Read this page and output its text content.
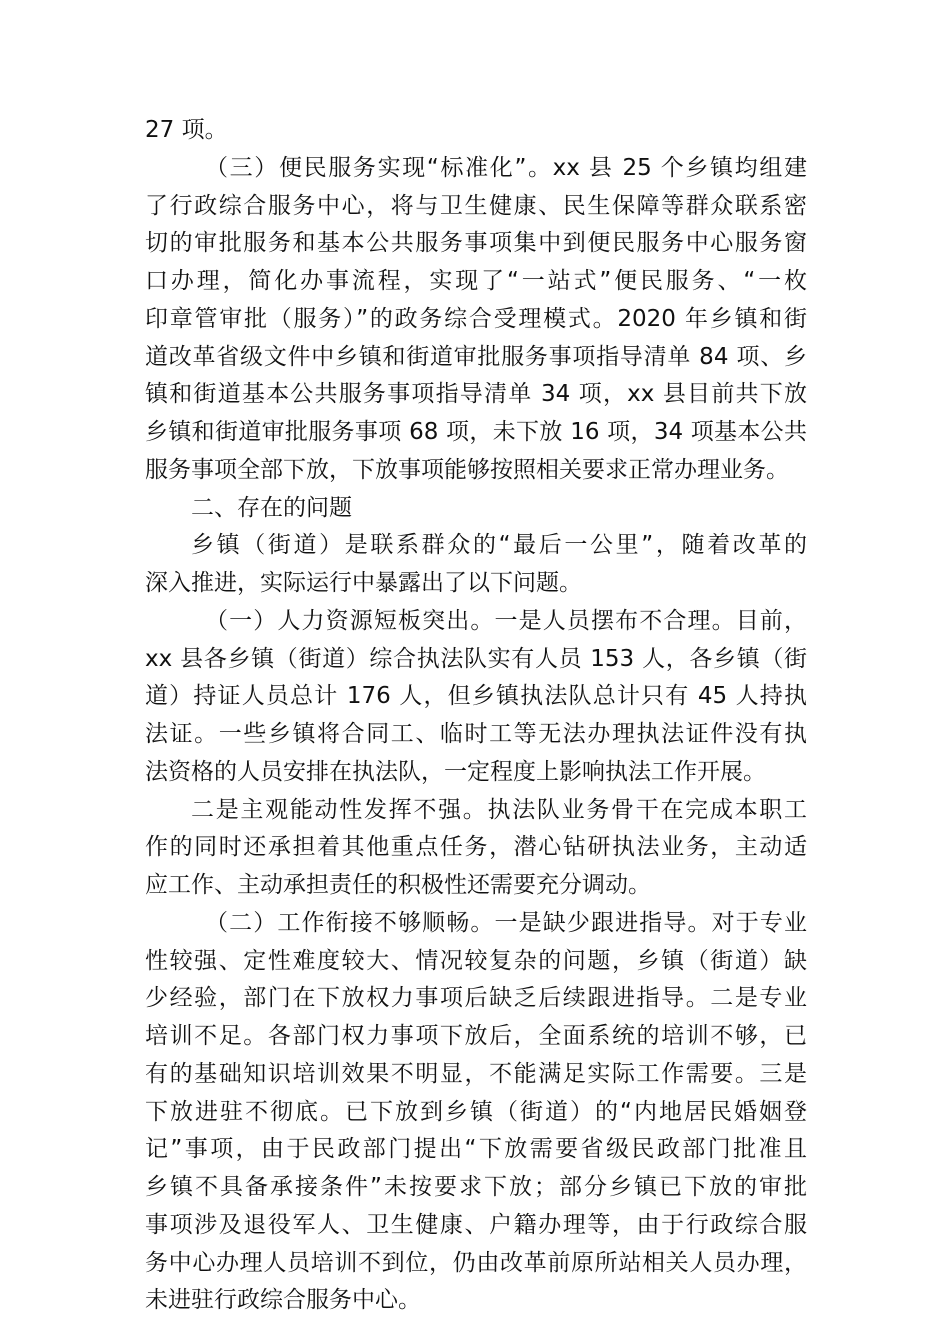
27 项。
（三）便民服务实现“标准化”。xx 县 25 个乡镇均组建
了行政综合服务中心，将与卫生健康、民生保障等群众联系密
切的审批服务和基本公共服务事项集中到便民服务中心服务窗
口办理，简化办事流程，实现了“一站式”便民服务、“一枚
印章管审批（服务）”的政务综合受理模式。2020 年乡镇和街
道改革省级文件中乡镇和街道审批服务事项指导清单 84 项、乡
镇和街道基本公共服务事项指导清单 34 项，xx 县目前共下放
乡镇和街道审批服务事项 68 项，未下放 16 项，34 项基本公共
服务事项全部下放，下放事项能够按照相关要求正常办理业务。
二、存在的问题
乡镇（街道）是联系群众的“最后一公里”，随着改革的
深入推进，实际运行中暴露出了以下问题。
（一）人力资源短板突出。一是人员摆布不合理。目前，
xx 县各乡镇（街道）综合执法队实有人员 153 人，各乡镇（街
道）持证人员总计 176 人，但乡镇执法队总计只有 45 人持执
法证。一些乡镇将合同工、临时工等无法办理执法证件没有执
法资格的人员安排在执法队，一定程度上影响执法工作开展。
二是主观能动性发挥不强。执法队业务骨干在完成本职工
作的同时还承担着其他重点任务，潜心钻研执法业务，主动适
应工作、主动承担责任的积极性还需要充分调动。
（二）工作衔接不够顺畅。一是缺少跟进指导。对于专业
性较强、定性难度较大、情况较复杂的问题，乡镇（街道）缺
少经验，部门在下放权力事项后缺乏后续跟进指导。二是专业
培训不足。各部门权力事项下放后，全面系统的培训不够，已
有的基础知识培训效果不明显，不能满足实际工作需要。三是
下放进驻不彻底。已下放到乡镇（街道）的“内地居民婚姻登
记”事项，由于民政部门提出“下放需要省级民政部门批准且
乡镇不具备承接条件”未按要求下放；部分乡镇已下放的审批
事项涉及退役军人、卫生健康、户籍办理等，由于行政综合服
务中心办理人员培训不到位，仍由改革前原所站相关人员办理，
未进驻行政综合服务中心。
